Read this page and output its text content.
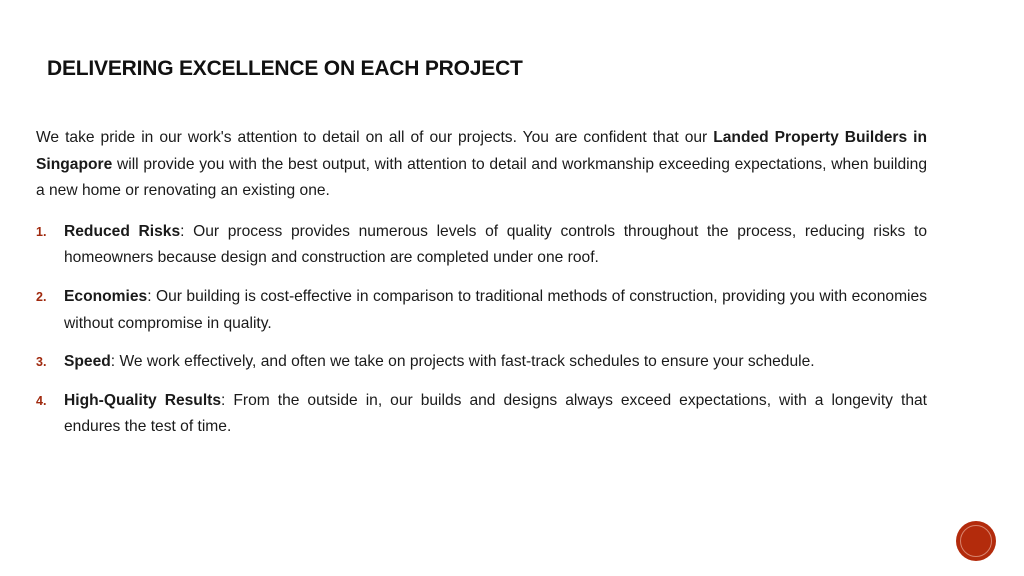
DELIVERING EXCELLENCE ON EACH PROJECT

We take pride in our work's attention to detail on all of our projects. You are confident that our Landed Property Builders in Singapore will provide you with the best output, with attention to detail and workmanship exceeding expectations, when building a new home or renovating an existing one.

1. Reduced Risks: Our process provides numerous levels of quality controls throughout the process, reducing risks to homeowners because design and construction are completed under one roof.
2. Economies: Our building is cost-effective in comparison to traditional methods of construction, providing you with economies without compromise in quality.
3. Speed: We work effectively, and often we take on projects with fast-track schedules to ensure your schedule.
4. High-Quality Results: From the outside in, our builds and designs always exceed expectations, with a longevity that endures the test of time.
